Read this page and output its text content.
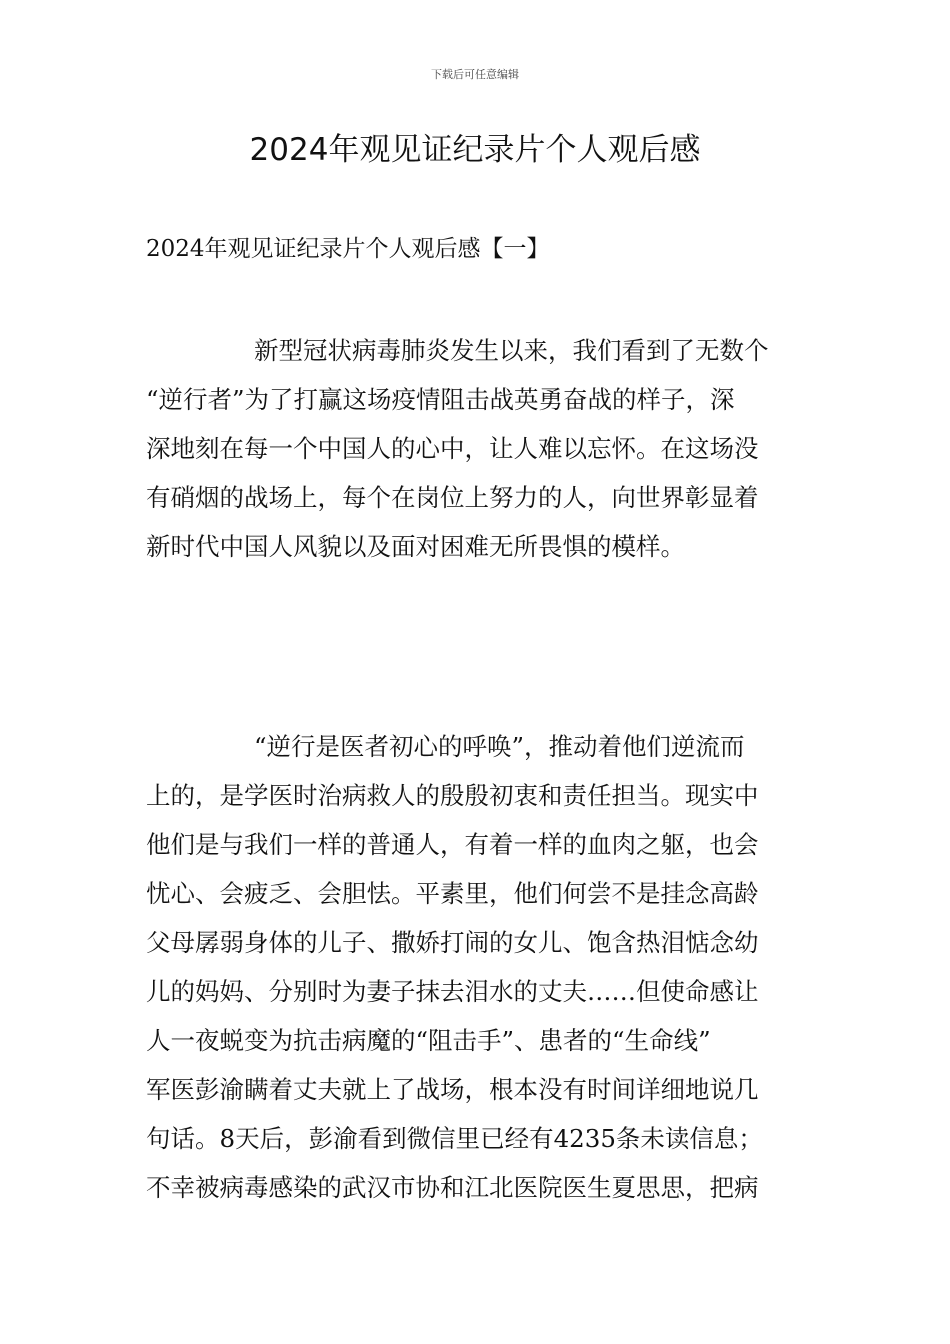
下载后可任意编辑
2024年观见证纪录片个人观后感
2024年观见证纪录片个人观后感【一】
新型冠状病毒肺炎发生以来，我们看到了无数个
“逆行者”为了打赢这场疫情阻击战英勇奋战的样子，深
深地刻在每一个中国人的心中，让人难以忘怀。在这场没
有硝烟的战场上，每个在岗位上努力的人，向世界彰显着
新时代中国人风貌以及面对困难无所畏惧的模样。
“逆行是医者初心的呼唤”，推动着他们逆流而
上的，是学医时治病救人的殷殷初衷和责任担当。现实中
他们是与我们一样的普通人，有着一样的血肉之躯，也会
忧心、会疲乏、会胆怯。平素里，他们何尝不是挂念高龄
父母孱弱身体的儿子、撒娇打闹的女儿、饱含热泪惦念幼
儿的妈妈、分别时为妻子抹去泪水的丈夫……但使命感让
人一夜蜕变为抗击病魔的“阻击手”、患者的“生命线”
军医彭渝瞒着丈夫就上了战场，根本没有时间详细地说几
句话。8天后，彭渝看到微信里已经有4235条未读信息；
不幸被病毒感染的武汉市协和江北医院医生夏思思，把病
